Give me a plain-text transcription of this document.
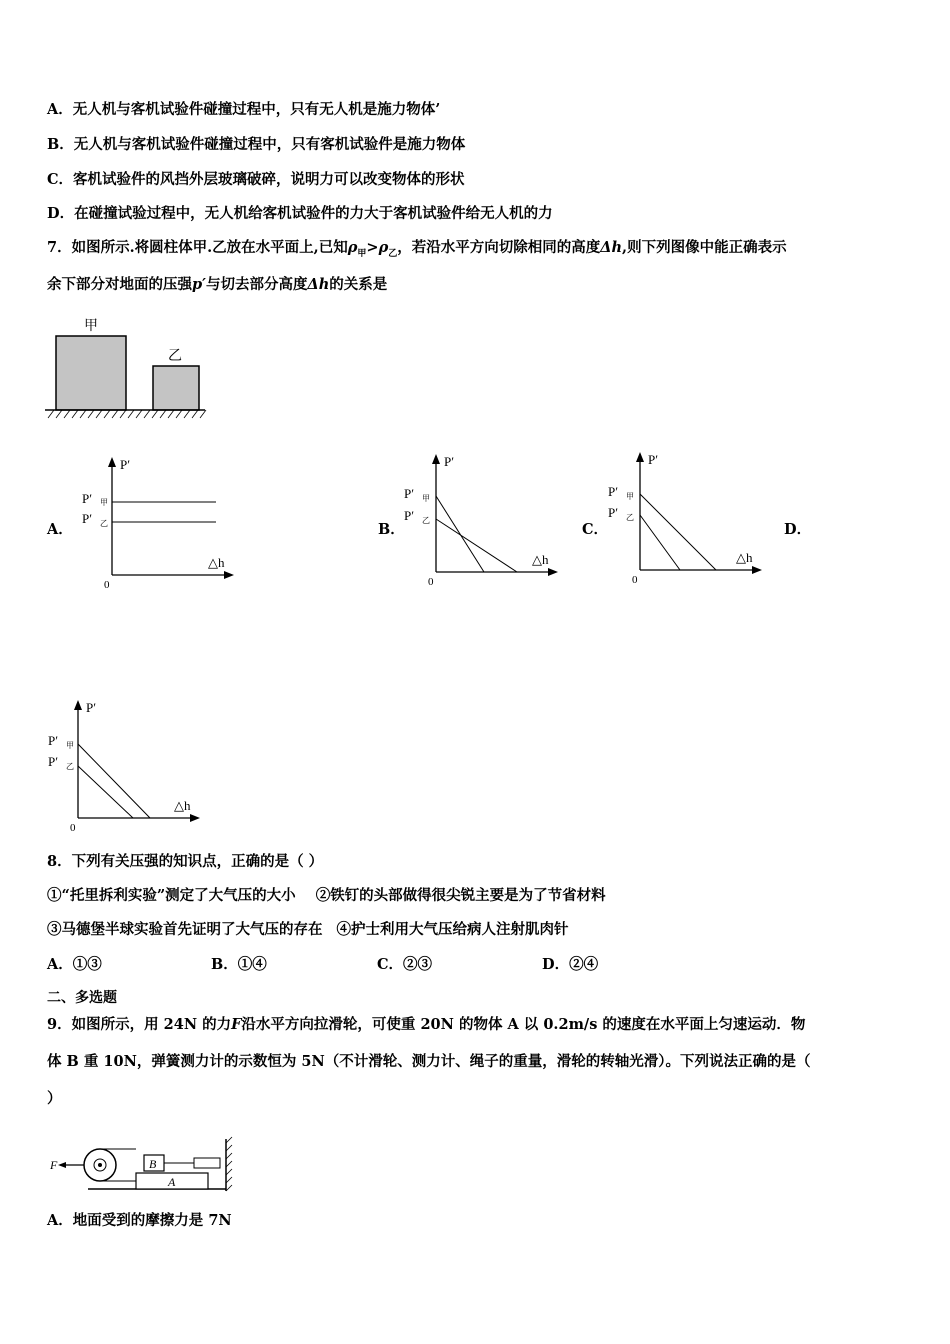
A．无人机与客机试验件碰撞过程中，只有无人机是施力物体’
B．无人机与客机试验件碰撞过程中，只有客机试验件是施力物体
C．客机试验件的风挡外层玻璃破碎，说明力可以改变物体的形状
D．在碰撞试验过程中，无人机给客机试验件的力大于客机试验件给无人机的力
7．如图所示.将圆柱体甲.乙放在水平面上,已知$\rho_甲>\rho_乙$，若沿水平方向切除相同的高度Δh,则下列图像中能正确表示
余下部分对地面的压强p′与切去部分高度Δh的关系是
甲
乙
A．	B．	C．	D．
P′
P′ 甲
P′ 乙
△h
0
P′
P′ 甲
P′ 乙
△h
0
P′
P′ 甲
P′ 乙
△h
0
P′
P′ 甲
P′ 乙
△h
0
8．下列有关压强的知识点，正确的是（ ）
①“托里拆利实验”测定了大气压的大小 ②铁钉的头部做得很尖锐主要是为了节省材料
③马德堡半球实验首先证明了大气压的存在 ④护士利用大气压给病人注射肌肉针
A．①③	B．①④	C．②③	D．②④
二、多选题
9．如图所示，用 24N 的力F沿水平方向拉滑轮，可使重 20N 的物体 A 以 0.2m/s 的速度在水平面上匀速运动．物
体 B 重 10N，弹簧测力计的示数恒为 5N（不计滑轮、测力计、绳子的重量，滑轮的转轴光滑）。下列说法正确的是（
）
F	B
A
A．地面受到的摩擦力是 7N
